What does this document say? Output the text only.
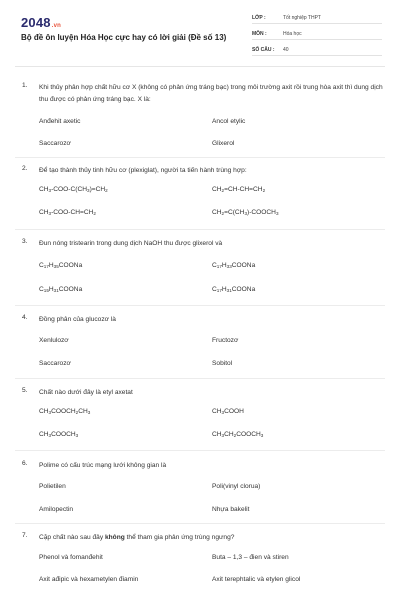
2048.vn
Bộ đề ôn luyện Hóa Học cực hay có lời giải (Đề số 13)
LỚP :	Tốt nghiệp THPT
MÔN :	Hóa học
SỐ CÂU : 40
1. Khi thủy phân hợp chất hữu cơ X (không có phản ứng tráng bạc) trong môi trường axit rồi trung hòa axit thì dung dịch thu được có phản ứng tráng bạc. X là:
Anđehit axetic	Ancol etylic
Saccarozơ	Glixerol
2. Để tạo thành thủy tinh hữu cơ (plexiglat), người ta tiến hành trùng hợp:
$CH_3-COO-C(CH_3)=CH_2$	$CH_2=CH-CH=CH_2$
$CH_3-COO-CH=CH_2$	$CH_2=C(CH_3)-COOCH_3$
3. Đun nóng tristearin trong dung dịch NaOH thu được glixerol và
$C_{17}H_{35}COONa$	$C_{17}H_{33}COONa$
$C_{15}H_{31}COONa$	$C_{17}H_{31}COONa$
4. Đồng phân của glucozơ là
Xenlulozơ	Fructozơ
Saccarozơ	Sobitol
5. Chất nào dưới đây là etyl axetat
$CH_3COOCH_2CH_3$	$CH_3COOH$
$CH_3COOCH_3$	$CH_3CH_2COOCH_3$
6. Polime có cấu trúc mạng lưới không gian là
Polietilen	Poli(vinyl clorua)
Amilopectin	Nhựa bakelit
7. Cặp chất nào sau đây không thể tham gia phản ứng trùng ngưng?
Phenol và fomanđehit	Buta – 1,3 – đien và stiren
Axit ađipic và hexametylen điamin	Axit terephtalic và etylen glicol
